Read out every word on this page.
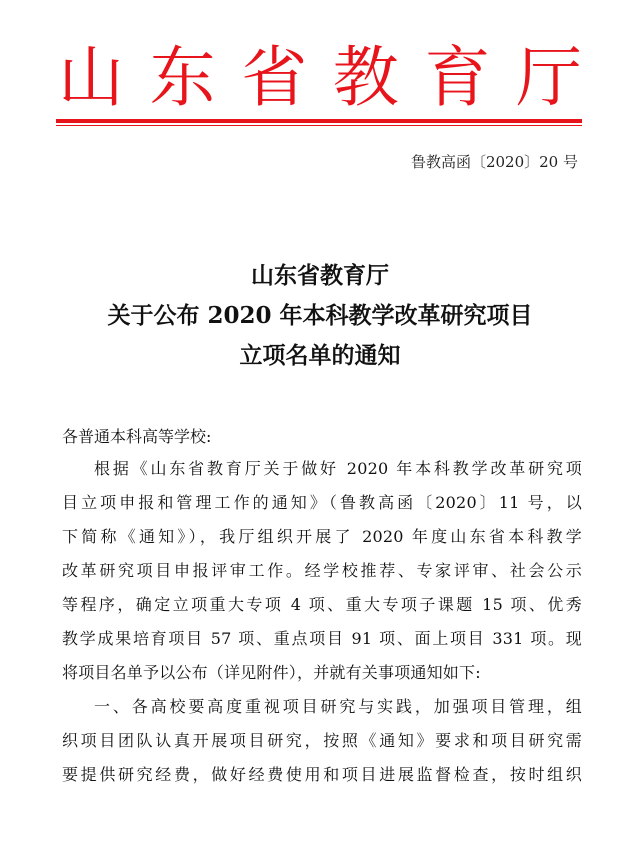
山 东 省 教 育 厅
鲁教高函〔2020〕20 号
山东省教育厅
关于公布 2020 年本科教学改革研究项目
立项名单的通知
各普通本科高等学校:
根据《山东省教育厅关于做好 2020 年本科教学改革研究项
目立项申报和管理工作的通知》（鲁教高函〔2020〕11 号，以
下简称《通知》），我厅组织开展了 2020 年度山东省本科教学
改革研究项目申报评审工作。经学校推荐、专家评审、社会公示
等程序，确定立项重大专项 4 项、重大专项子课题 15 项、优秀
教学成果培育项目 57 项、重点项目 91 项、面上项目 331 项。现
将项目名单予以公布（详见附件），并就有关事项通知如下:
一、各高校要高度重视项目研究与实践，加强项目管理，组
织项目团队认真开展项目研究，按照《通知》要求和项目研究需
要提供研究经费，做好经费使用和项目进展监督检查，按时组织
